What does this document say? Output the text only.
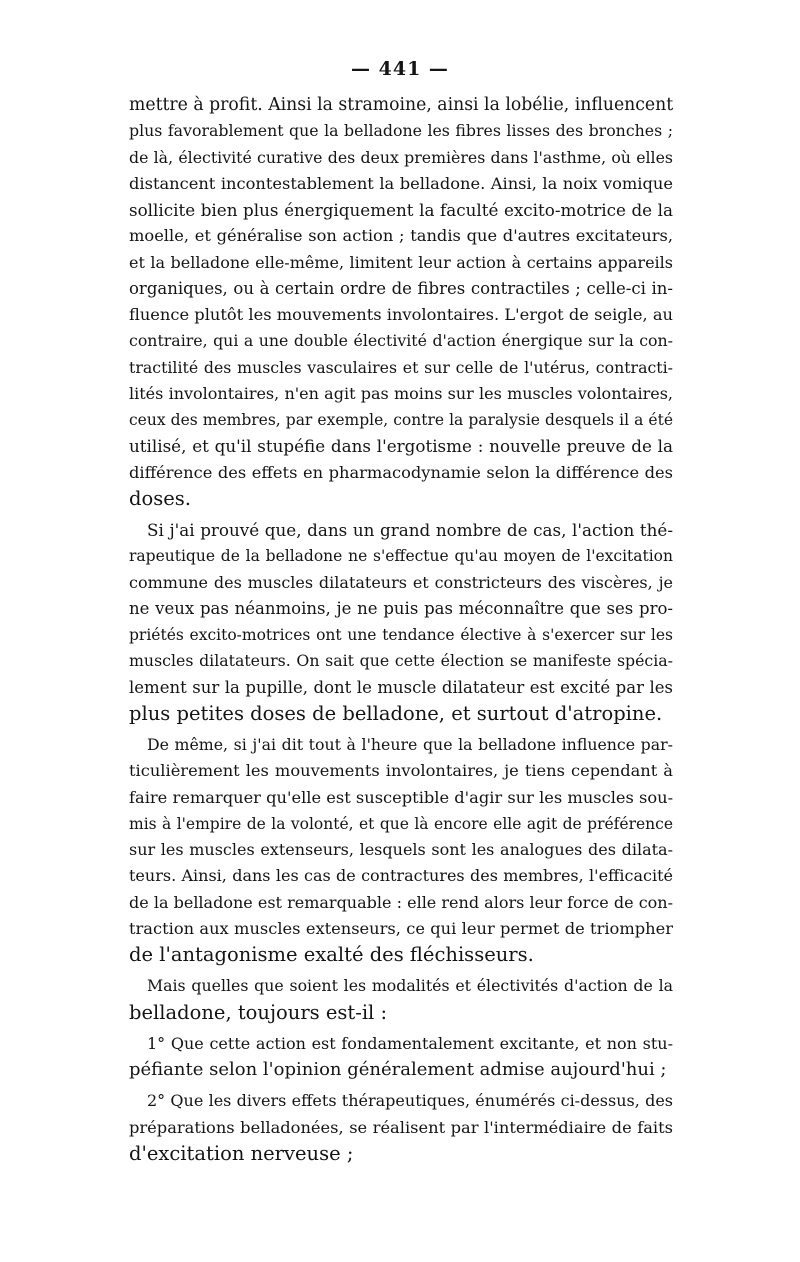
— 441 —
mettre à profit. Ainsi la stramoine, ainsi la lobélie, influencent
plus favorablement que la belladone les fibres lisses des bronches ;
de là, électivité curative des deux premières dans l'asthme, où elles
distancent incontestablement la belladone. Ainsi, la noix vomique
sollicite bien plus énergiquement la faculté excito-motrice de la
moelle, et généralise son action ; tandis que d'autres excitateurs,
et la belladone elle-même, limitent leur action à certains appareils
organiques, ou à certain ordre de fibres contractiles ; celle-ci in-
fluence plutôt les mouvements involontaires. L'ergot de seigle, au
contraire, qui a une double électivité d'action énergique sur la con-
tractilité des muscles vasculaires et sur celle de l'utérus, contracti-
lités involontaires, n'en agit pas moins sur les muscles volontaires,
ceux des membres, par exemple, contre la paralysie desquels il a été
utilisé, et qu'il stupéfie dans l'ergotisme : nouvelle preuve de la
différence des effets en pharmacodynamie selon la différence des
doses.
Si j'ai prouvé que, dans un grand nombre de cas, l'action thé-
rapeutique de la belladone ne s'effectue qu'au moyen de l'excitation
commune des muscles dilatateurs et constricteurs des viscères, je
ne veux pas néanmoins, je ne puis pas méconnaître que ses pro-
priétés excito-motrices ont une tendance élective à s'exercer sur les
muscles dilatateurs. On sait que cette élection se manifeste spécia-
lement sur la pupille, dont le muscle dilatateur est excité par les
plus petites doses de belladone, et surtout d'atropine.
De même, si j'ai dit tout à l'heure que la belladone influence par-
ticulièrement les mouvements involontaires, je tiens cependant à
faire remarquer qu'elle est susceptible d'agir sur les muscles sou-
mis à l'empire de la volonté, et que là encore elle agit de préférence
sur les muscles extenseurs, lesquels sont les analogues des dilata-
teurs. Ainsi, dans les cas de contractures des membres, l'efficacité
de la belladone est remarquable : elle rend alors leur force de con-
traction aux muscles extenseurs, ce qui leur permet de triompher
de l'antagonisme exalté des fléchisseurs.
Mais quelles que soient les modalités et électivités d'action de la
belladone, toujours est-il :
1° Que cette action est fondamentalement excitante, et non stu-
péfiante selon l'opinion généralement admise aujourd'hui ;
2° Que les divers effets thérapeutiques, énumérés ci-dessus, des
préparations belladonées, se réalisent par l'intermédiaire de faits
d'excitation nerveuse ;
